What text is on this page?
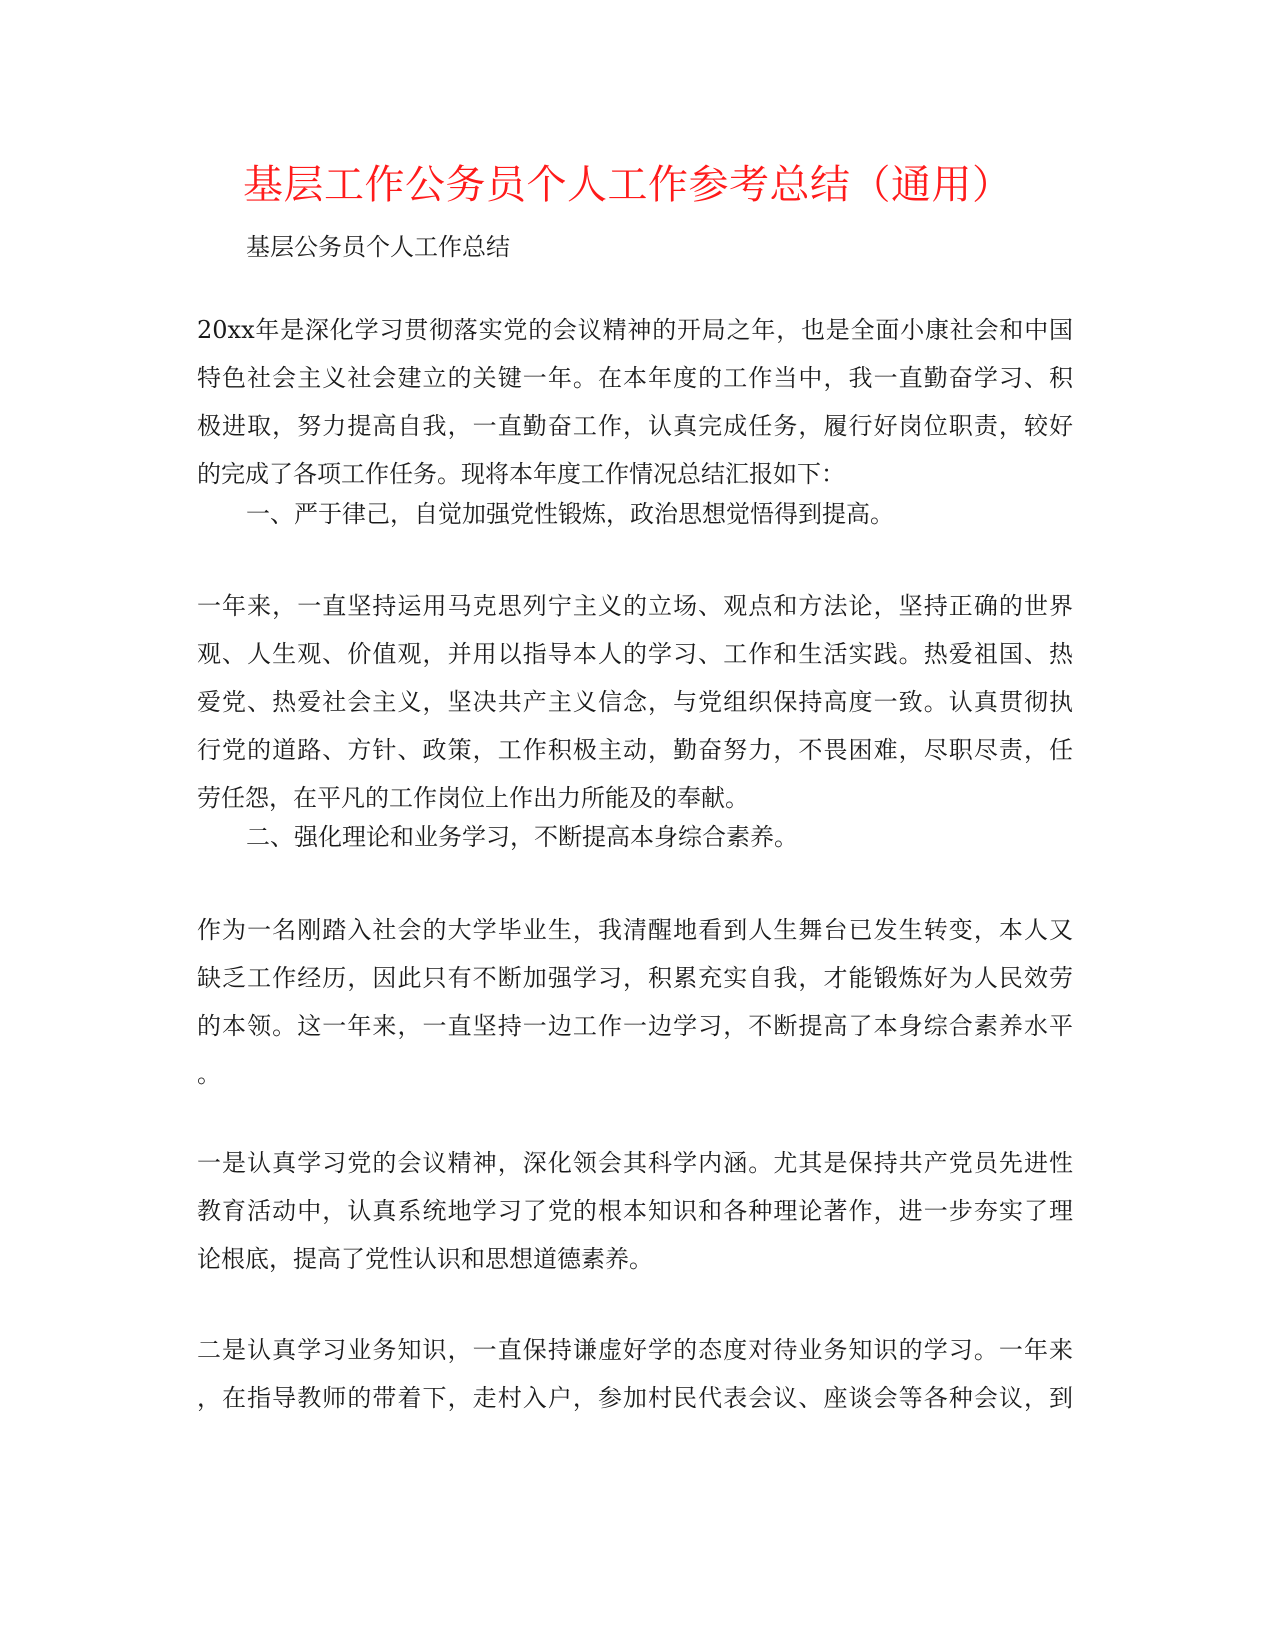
基层工作公务员个人工作参考总结（通用）
基层公务员个人工作总结
20xx年是深化学习贯彻落实党的会议精神的开局之年，也是全面小康社会和中国
特色社会主义社会建立的关键一年。在本年度的工作当中，我一直勤奋学习、积
极进取，努力提高自我，一直勤奋工作，认真完成任务，履行好岗位职责，较好
的完成了各项工作任务。现将本年度工作情况总结汇报如下：
一、严于律己，自觉加强党性锻炼，政治思想觉悟得到提高。
一年来，一直坚持运用马克思列宁主义的立场、观点和方法论，坚持正确的世界
观、人生观、价值观，并用以指导本人的学习、工作和生活实践。热爱祖国、热
爱党、热爱社会主义，坚决共产主义信念，与党组织保持高度一致。认真贯彻执
行党的道路、方针、政策，工作积极主动，勤奋努力，不畏困难，尽职尽责，任
劳任怨，在平凡的工作岗位上作出力所能及的奉献。
二、强化理论和业务学习，不断提高本身综合素养。
作为一名刚踏入社会的大学毕业生，我清醒地看到人生舞台已发生转变，本人又
缺乏工作经历，因此只有不断加强学习，积累充实自我，才能锻炼好为人民效劳
的本领。这一年来，一直坚持一边工作一边学习，不断提高了本身综合素养水平
。
一是认真学习党的会议精神，深化领会其科学内涵。尤其是保持共产党员先进性
教育活动中，认真系统地学习了党的根本知识和各种理论著作，进一步夯实了理
论根底，提高了党性认识和思想道德素养。
二是认真学习业务知识，一直保持谦虚好学的态度对待业务知识的学习。一年来
，在指导教师的带着下，走村入户，参加村民代表会议、座谈会等各种会议，到
